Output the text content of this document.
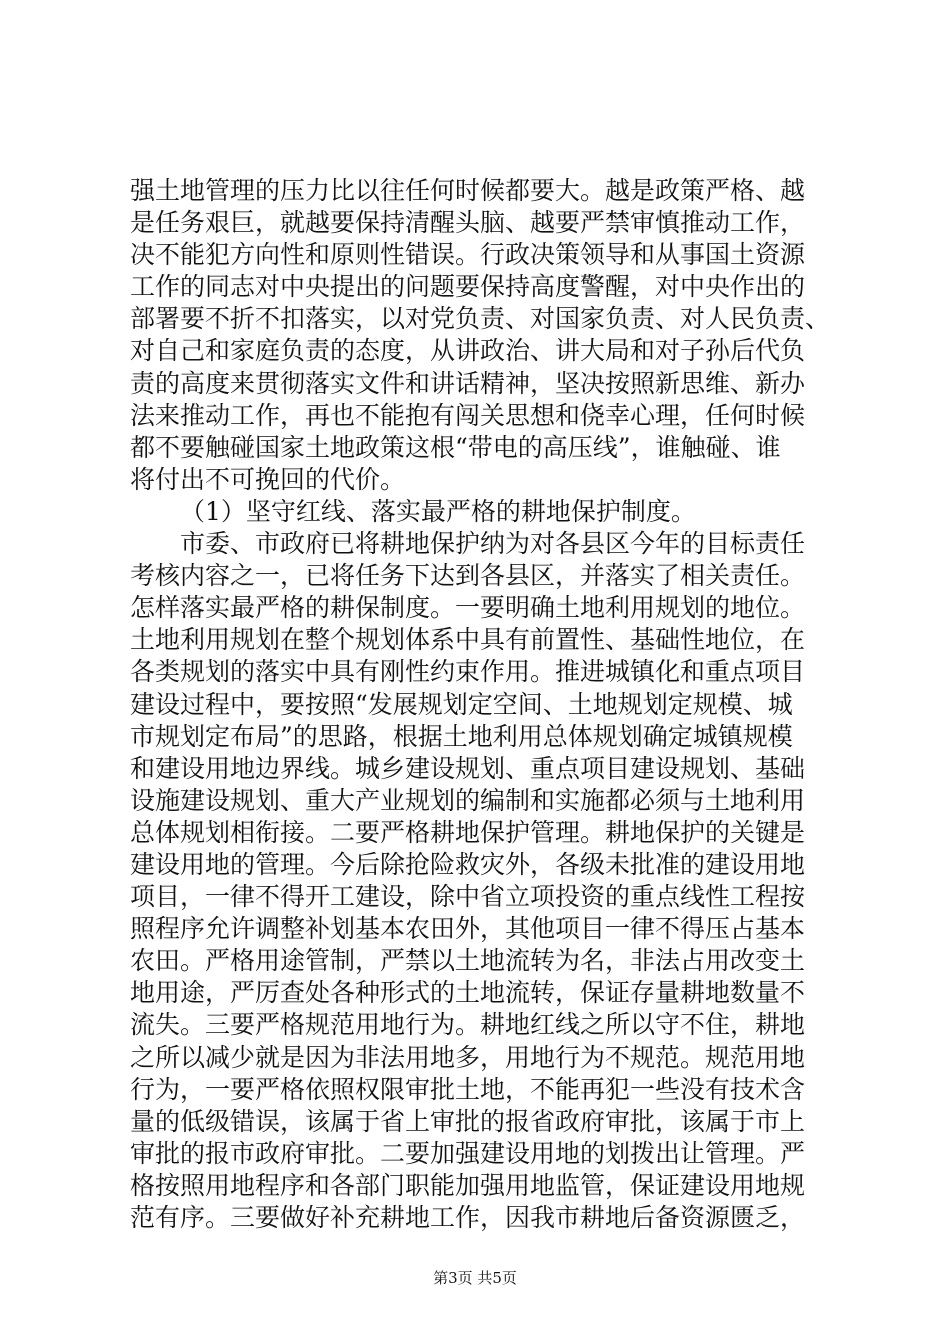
强土地管理的压力比以往任何时候都要大。越是政策严格、越
是任务艰巨，就越要保持清醒头脑、越要严禁审慎推动工作，
决不能犯方向性和原则性错误。行政决策领导和从事国土资源
工作的同志对中央提出的问题要保持高度警醒，对中央作出的
部署要不折不扣落实，以对党负责、对国家负责、对人民负责、
对自己和家庭负责的态度，从讲政治、讲大局和对子孙后代负
责的高度来贯彻落实文件和讲话精神，坚决按照新思维、新办
法来推动工作，再也不能抱有闯关思想和侥幸心理，任何时候
都不要触碰国家土地政策这根“带电的高压线”，谁触碰、谁
将付出不可挽回的代价。
（1）坚守红线、落实最严格的耕地保护制度。
市委、市政府已将耕地保护纳为对各县区今年的目标责任
考核内容之一，已将任务下达到各县区，并落实了相关责任。
怎样落实最严格的耕保制度。一要明确土地利用规划的地位。
土地利用规划在整个规划体系中具有前置性、基础性地位，在
各类规划的落实中具有刚性约束作用。推进城镇化和重点项目
建设过程中，要按照“发展规划定空间、土地规划定规模、城
市规划定布局”的思路，根据土地利用总体规划确定城镇规模
和建设用地边界线。城乡建设规划、重点项目建设规划、基础
设施建设规划、重大产业规划的编制和实施都必须与土地利用
总体规划相衔接。二要严格耕地保护管理。耕地保护的关键是
建设用地的管理。今后除抢险救灾外，各级未批准的建设用地
项目，一律不得开工建设，除中省立项投资的重点线性工程按
照程序允许调整补划基本农田外，其他项目一律不得压占基本
农田。严格用途管制，严禁以土地流转为名，非法占用改变土
地用途，严厉查处各种形式的土地流转，保证存量耕地数量不
流失。三要严格规范用地行为。耕地红线之所以守不住，耕地
之所以减少就是因为非法用地多，用地行为不规范。规范用地
行为，一要严格依照权限审批土地，不能再犯一些没有技术含
量的低级错误，该属于省上审批的报省政府审批，该属于市上
审批的报市政府审批。二要加强建设用地的划拨出让管理。严
格按照用地程序和各部门职能加强用地监管，保证建设用地规
范有序。三要做好补充耕地工作，因我市耕地后备资源匮乏，
第3页 共5页
